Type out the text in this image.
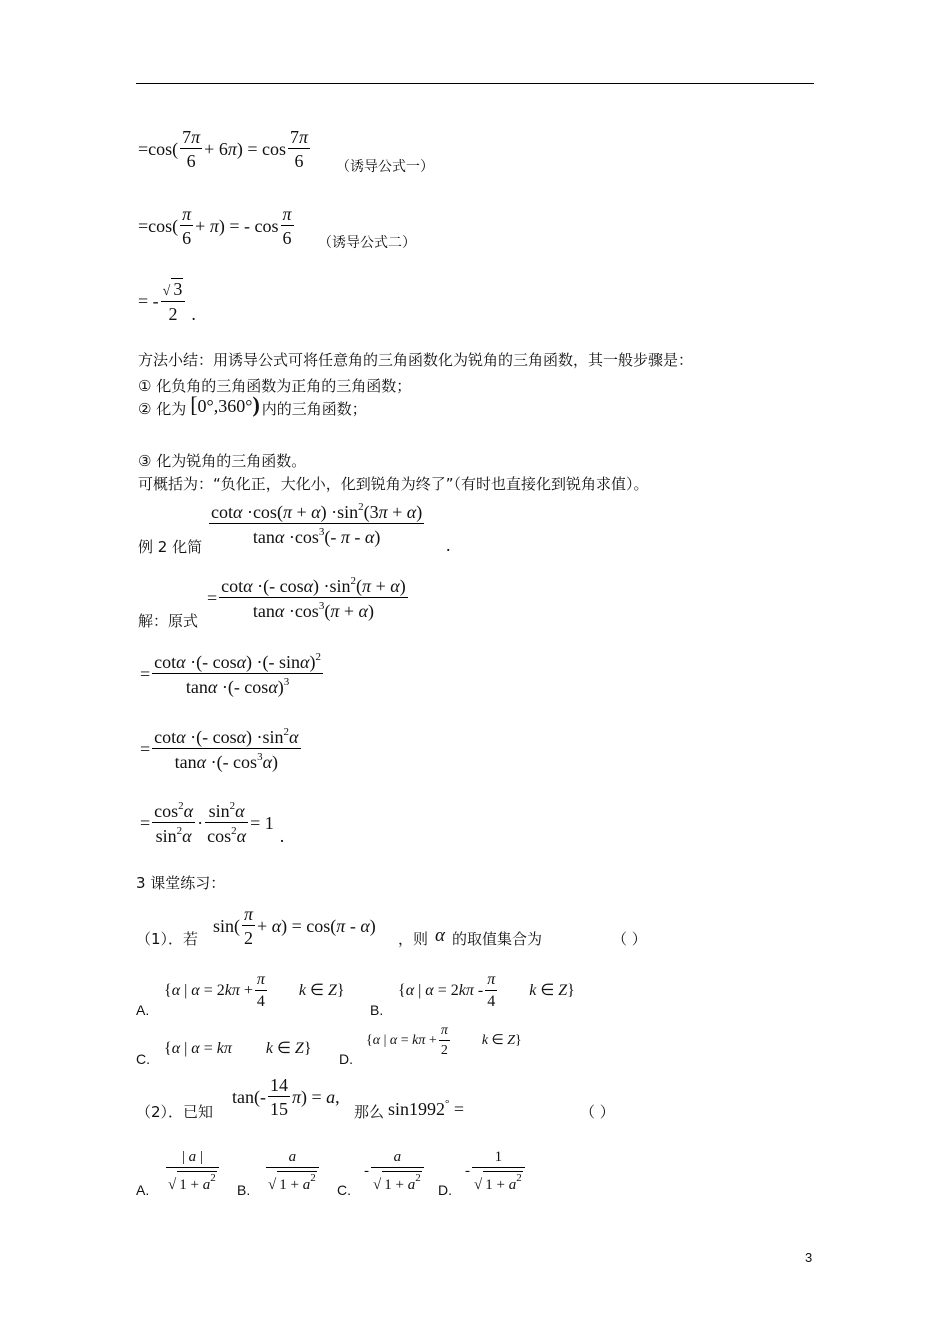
$=\cos( \frac{7\pi}{6} + 6\pi) = \cos \frac{7\pi}{6}$ （诱导公式一）
$=\cos( \frac{\pi}{6} + \pi)$ = - $\cos \frac{\pi}{6}$ （诱导公式二）
= - $\frac{√ 3}{2}$ .
方法小结：用诱导公式可将任意角的三角函数化为锐角的三角函数，其一般步骤是：
① 化负角的三角函数为正角的三角函数；
② 化为 [0°,360°) 内的三角函数；
③ 化为锐角的三角函数。
可概括为：“负化正，大化小，化到锐角为终了”（有时也直接化到锐角求值）。
$\frac{\cot\alpha \cdot\cos(\pi + \alpha) \cdot\sin^2(3\pi + \alpha)}{\tan\alpha \cdot\cos^3(- \pi - \alpha)}$
例 2 化简	.
= $\frac{\cot\alpha \cdot(- \cos\alpha) \cdot\sin^2(\pi + \alpha)}{\tan\alpha \cdot\cos^3(\pi + \alpha)}$
解：原式
= $\frac{\cot\alpha \cdot(- \cos\alpha) \cdot(- \sin\alpha)^2}{\tan\alpha \cdot(- \cos\alpha)^3}$
= $\frac{\cot\alpha \cdot(- \cos\alpha) \cdot\sin^2\alpha}{\tan\alpha \cdot(- \cos^3\alpha)}$
= $\frac{\cos^2\alpha}{\sin^2\alpha} \cdot \frac{\sin^2\alpha}{\cos^2\alpha} = 1$
.
3 课堂练习：
$\sin( \frac{\pi}{2} + \alpha) = \cos(\pi - \alpha)$
（1）．若	，则 α 的取值集合为	（ ）
A.
{α | $\alpha = 2k\pi + \frac{\pi}{4}$ k ∈ Z}
B.
{α | $\alpha = 2k\pi - \frac{\pi}{4}$ k ∈ Z}
C.
{α | α = kπ k ∈ Z}
D.
{α | $\alpha = k\pi + \frac{\pi}{2}$ k ∈ Z}
$\tan(- \frac{14}{15} \pi) = a$,
（2）．已知	那么 sin1992° =	（ ）
A. $\frac{| a |}{√ 1 + a^2} B$. $\frac{a}{√ 1 + a^2} C$.
- $\frac{a}{√ 1 + a^2} D$.
- $\frac{1}{√ 1 + a^2}$
3
